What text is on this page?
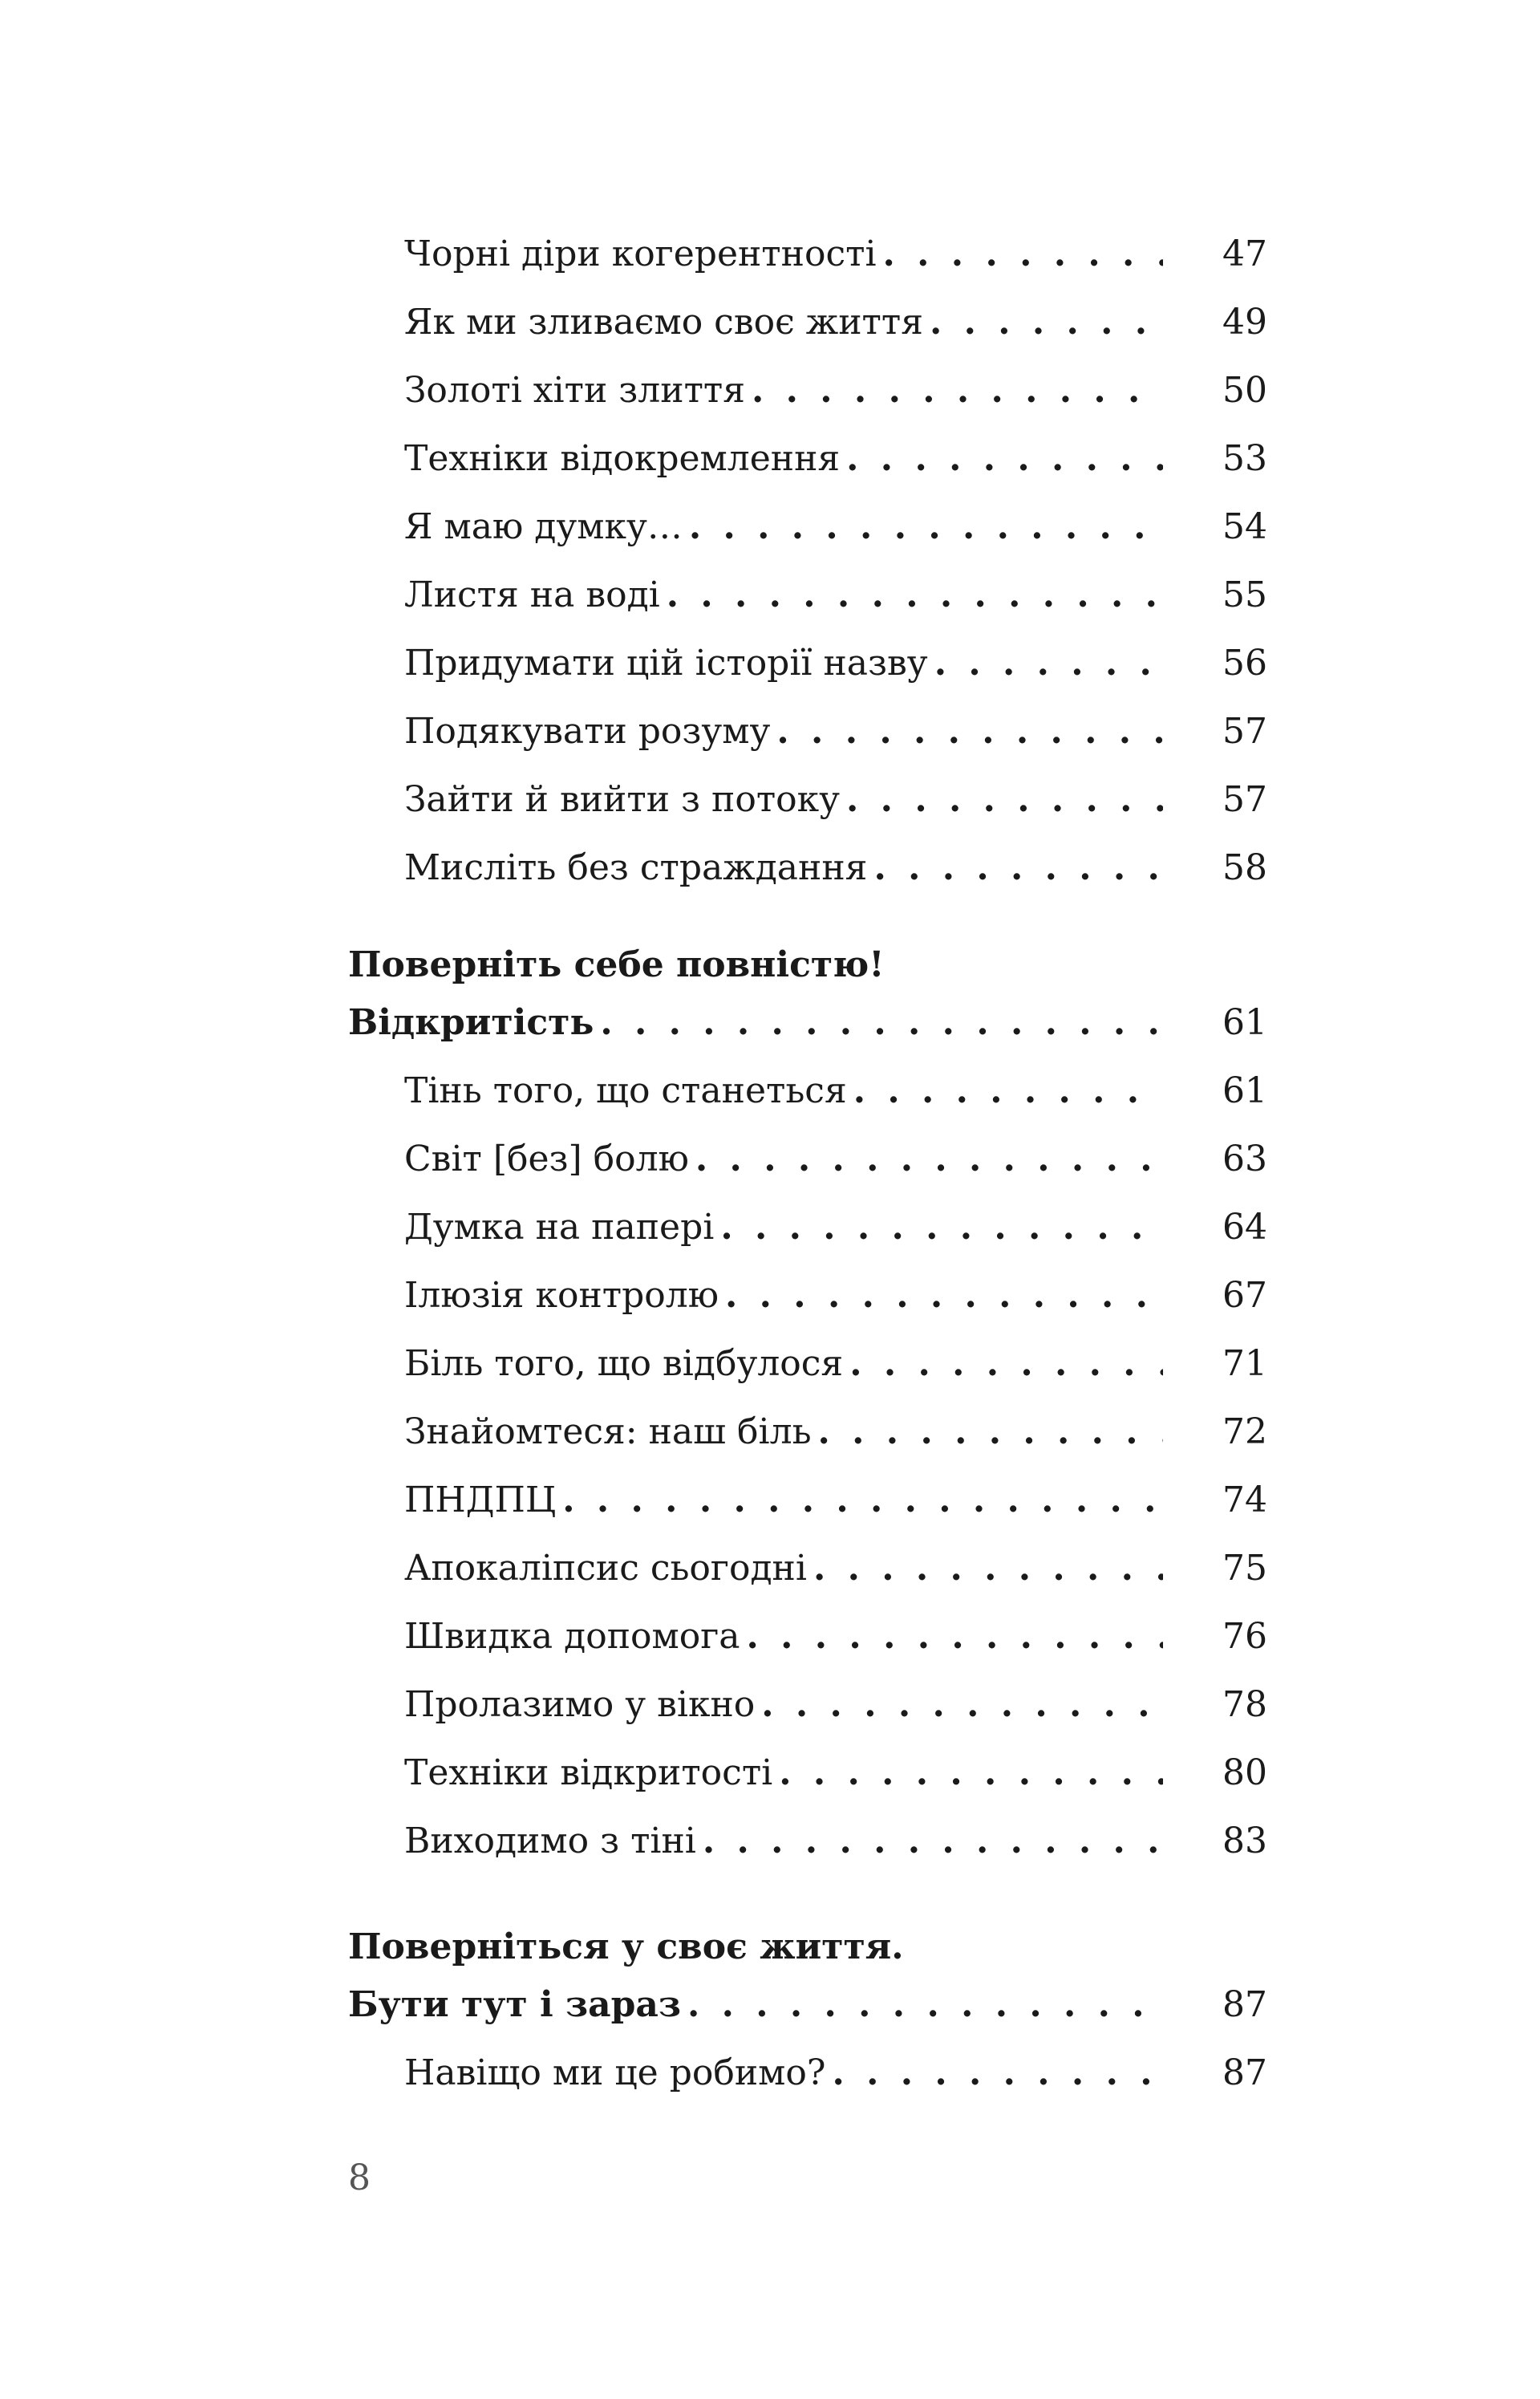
Чорні діри когерентності . . .	47
Як ми зливаємо своє життя . . .	49
Золоті хіти злиття . . .	50
Техніки відокремлення . . .	53
Я маю думку… . . .	54
Листя на воді . . .	55
Придумати цій історії назву . . .	56
Подякувати розуму . . .	57
Зайти й вийти з потоку . . .	57
Мисліть без страждання . . .	58
Поверніть себе повністю!
Відкритість . . .	61
Тінь того, що станеться . . .	61
Світ [без] болю . . .	63
Думка на папері . . .	64
Ілюзія контролю . . .	67
Біль того, що відбулося . . .	71
Знайомтеся: наш біль . . .	72
ПНДПЦ . . .	74
Апокаліпсис сьогодні . . .	75
Швидка допомога . . .	76
Пролазимо у вікно . . .	78
Техніки відкритості . . .	80
Виходимо з тіні . . .	83
Поверніться у своє життя.
Бути тут і зараз . . .	87
Навіщо ми це робимо? . . .	87
8
